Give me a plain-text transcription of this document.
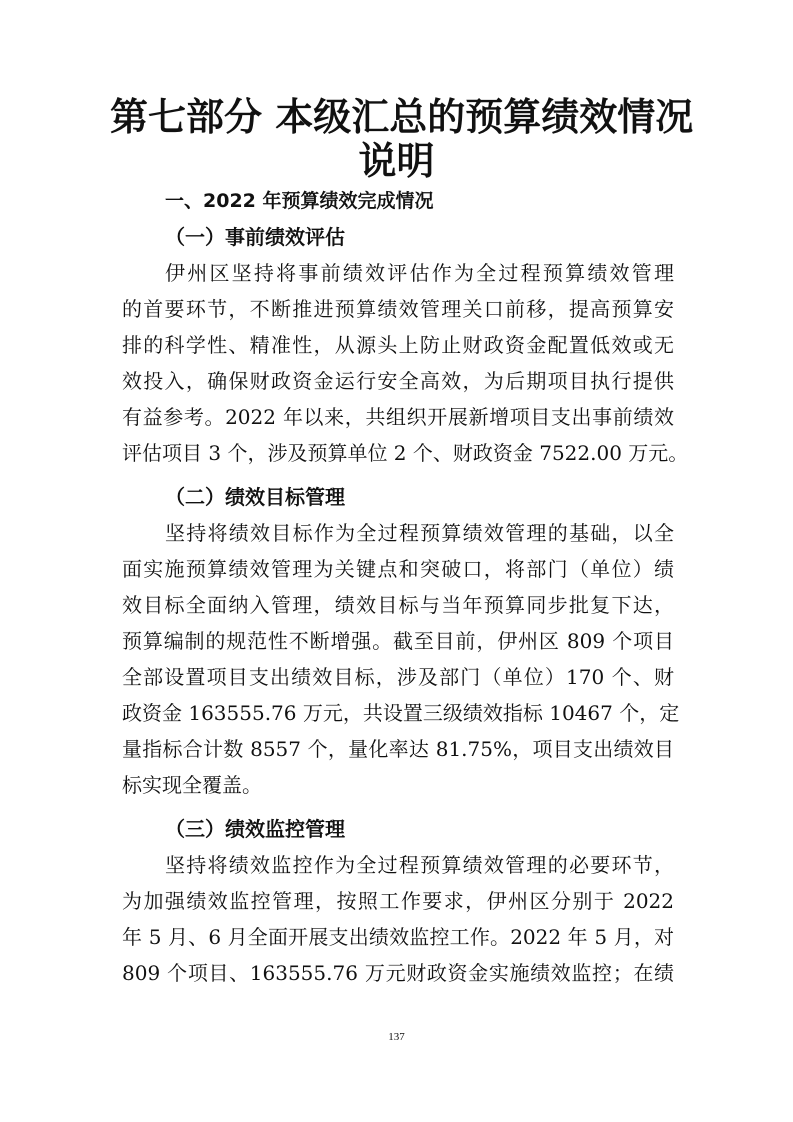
第七部分 本级汇总的预算绩效情况
说明
一、2022 年预算绩效完成情况
（一）事前绩效评估

伊州区坚持将事前绩效评估作为全过程预算绩效管理

的首要环节，不断推进预算绩效管理关口前移，提高预算安

排的科学性、精准性，从源头上防止财政资金配置低效或无

效投入，确保财政资金运行安全高效，为后期项目执行提供

有益参考。2022 年以来，共组织开展新增项目支出事前绩效

评估项目 3 个，涉及预算单位 2 个、财政资金 7522.00 万元。

（二）绩效目标管理

坚持将绩效目标作为全过程预算绩效管理的基础，以全

面实施预算绩效管理为关键点和突破口，将部门（单位）绩

效目标全面纳入管理，绩效目标与当年预算同步批复下达，

预算编制的规范性不断增强。截至目前，伊州区 809 个项目

全部设置项目支出绩效目标，涉及部门（单位）170 个、财

政资金 163555.76 万元，共设置三级绩效指标 10467 个，定

量指标合计数 8557 个，量化率达 81.75%，项目支出绩效目

标实现全覆盖。

（三）绩效监控管理

坚持将绩效监控作为全过程预算绩效管理的必要环节，

为加强绩效监控管理，按照工作要求，伊州区分别于 2022

年 5 月、6 月全面开展支出绩效监控工作。2022 年 5 月，对

809 个项目、163555.76 万元财政资金实施绩效监控；在绩

137
